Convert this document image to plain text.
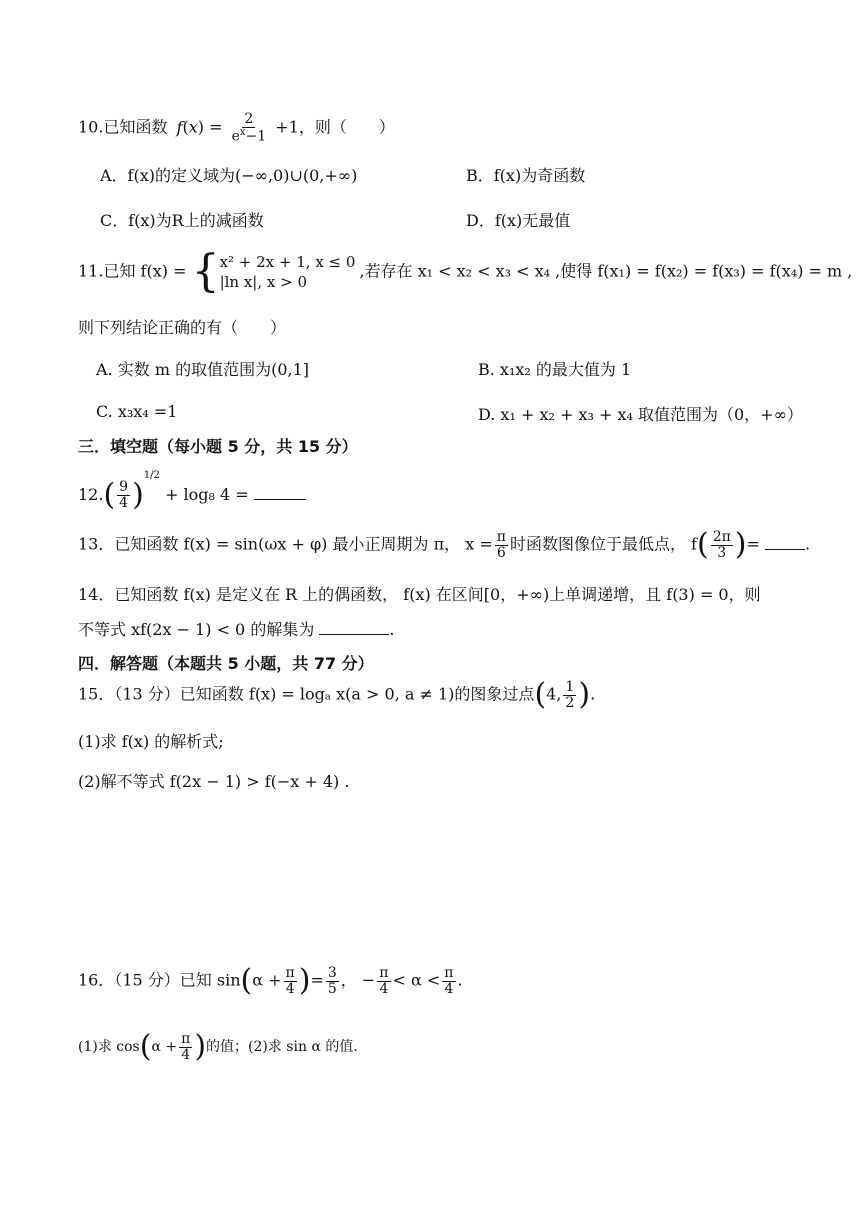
10.已知函数 $f(x) = \frac{2}{e^x-1} +1$，则（　　）
A．f(x)的定义域为(−∞,0)∪(0,+∞)	B．f(x)为奇函数
C．f(x)为R上的减函数	D．f(x)无最值
11.已知 f(x) = { x² + 2x + 1, x ≤ 0
|ln x|, x > 0
,若存在 x₁ < x₂ < x₃ < x₄ ,使得 f(x₁) = f(x₂) = f(x₃) = f(x₄) = m ,
则下列结论正确的有（　　）
A. 实数 m 的取值范围为(0,1]	B. x₁x₂ 的最大值为 1
C. x₃x₄ =1	D. x₁ + x₂ + x₃ + x₄ 取值范围为（0，+∞）
三．填空题（每小题 5 分，共 15 分）
$12.( \frac{9}{4} )^{1/2} + \log_8$ 4 =
13．已知函数 f(x) = sin(ωx + φ) 最小正周期为 π， $x = \frac{\pi}{6}$ 时函数图像位于最低点， $f( \frac{2\pi}{3}$ )=	.
14．已知函数 f(x) 是定义在 R 上的偶函数， f(x) 在区间[0，+∞)上单调递增，且 f(3) = 0，则
不等式 xf(2x − 1) < 0 的解集为	.
四．解答题（本题共 5 小题，共 77 分）
15．（13 分）已知函数 f(x) = logₐ x(a > 0, a ≠ 1)的图象过点(4, $\frac{1}{2}$ ).
(1)求 f(x) 的解析式;
(2)解不等式 f(2x − 1) > f(−x + 4) .
16．（15 分）已知 $\sin(\alpha + \frac{\pi}{4}$ )= $\frac{3}{5}$ ， − $\frac{\pi}{4} < \alpha < \frac{\pi}{4}$ .
(1)求 $\cos(\alpha + \frac{\pi}{4}$ )的值；(2)求 sin α 的值.
